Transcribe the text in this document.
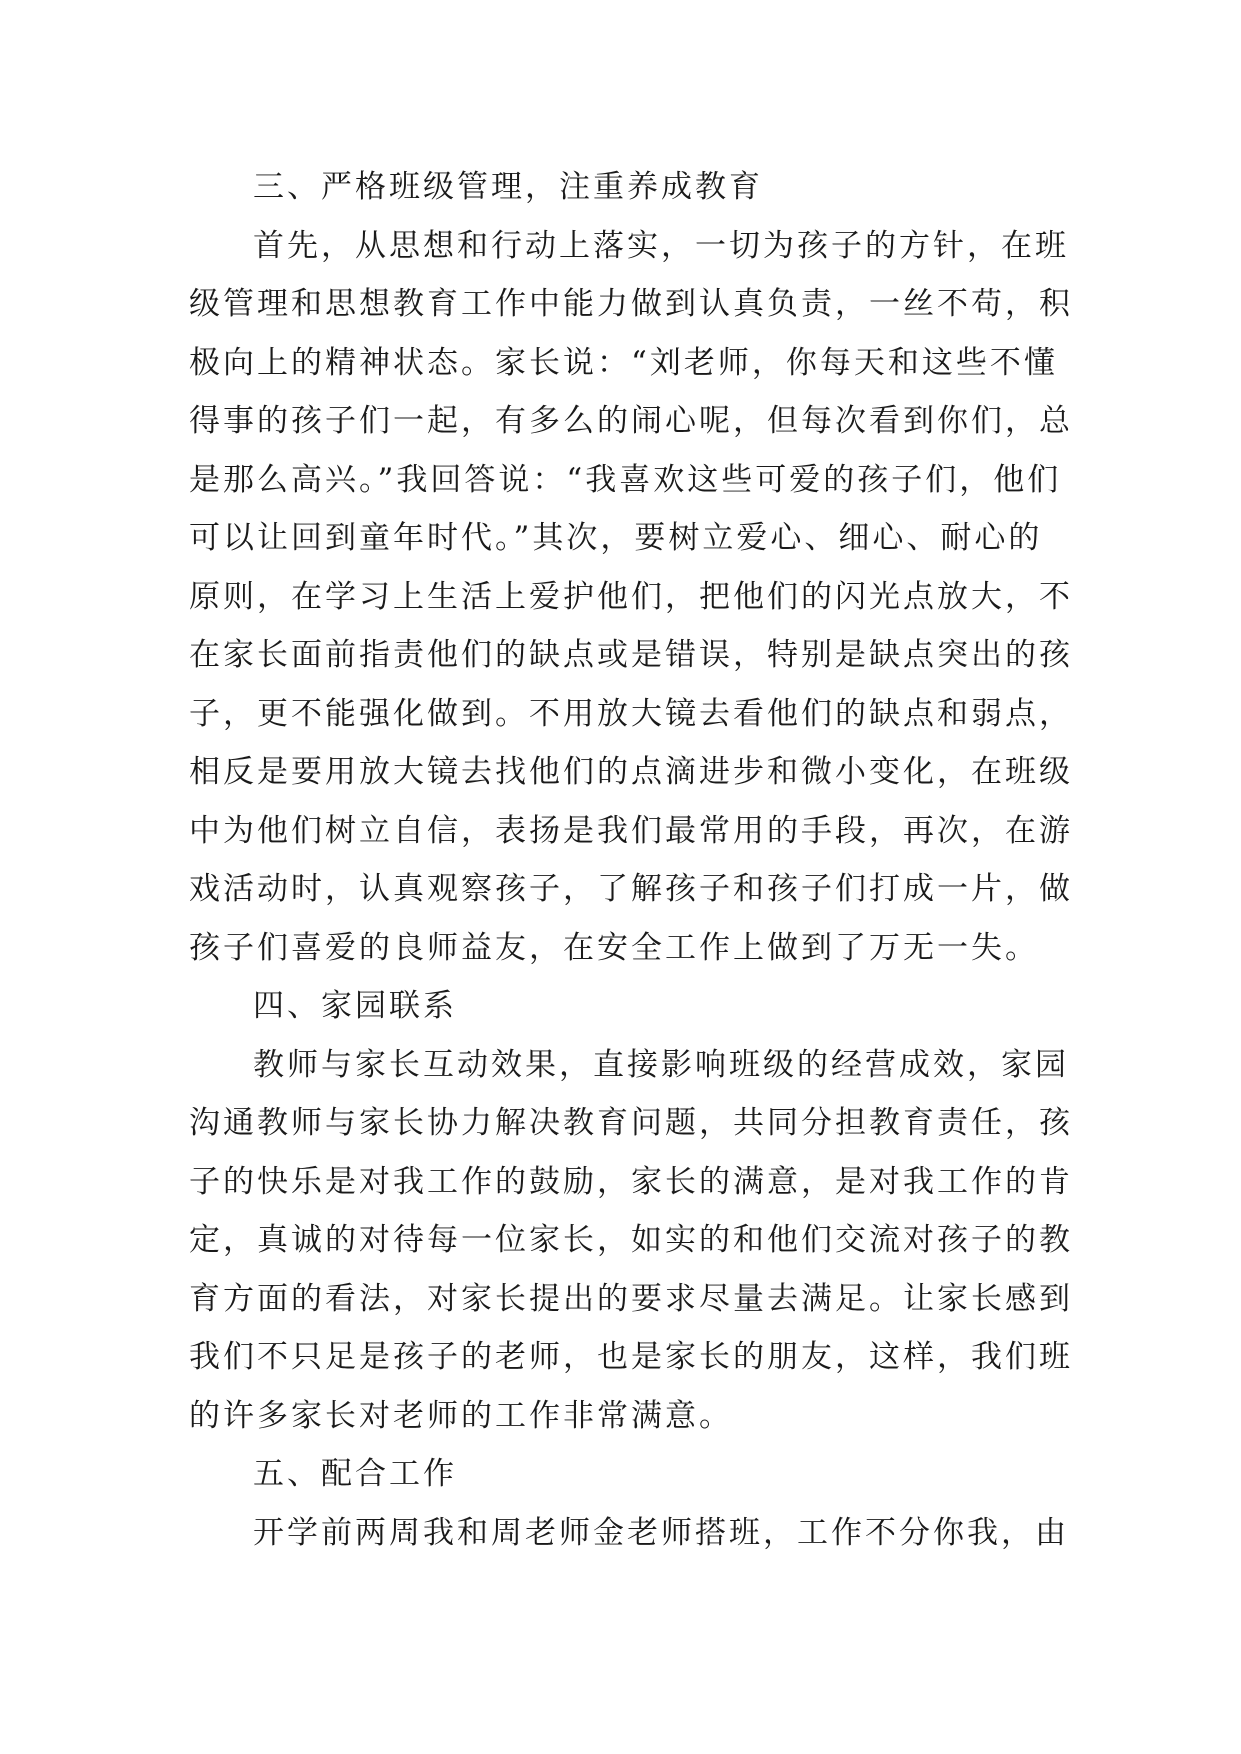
三、严格班级管理，注重养成教育
首先，从思想和行动上落实，一切为孩子的方针，在班
级管理和思想教育工作中能力做到认真负责，一丝不苟，积
极向上的精神状态。家长说：“刘老师，你每天和这些不懂
得事的孩子们一起，有多么的闹心呢，但每次看到你们，总
是那么高兴。”我回答说：“我喜欢这些可爱的孩子们，他们
可以让回到童年时代。”其次，要树立爱心、细心、耐心的
原则，在学习上生活上爱护他们，把他们的闪光点放大，不
在家长面前指责他们的缺点或是错误，特别是缺点突出的孩
子，更不能强化做到。不用放大镜去看他们的缺点和弱点，
相反是要用放大镜去找他们的点滴进步和微小变化，在班级
中为他们树立自信，表扬是我们最常用的手段，再次，在游
戏活动时，认真观察孩子，了解孩子和孩子们打成一片，做
孩子们喜爱的良师益友，在安全工作上做到了万无一失。
四、家园联系
教师与家长互动效果，直接影响班级的经营成效，家园
沟通教师与家长协力解决教育问题，共同分担教育责任，孩
子的快乐是对我工作的鼓励，家长的满意，是对我工作的肯
定，真诚的对待每一位家长，如实的和他们交流对孩子的教
育方面的看法，对家长提出的要求尽量去满足。让家长感到
我们不只足是孩子的老师，也是家长的朋友，这样，我们班
的许多家长对老师的工作非常满意。
五、配合工作
开学前两周我和周老师金老师搭班，工作不分你我，由
